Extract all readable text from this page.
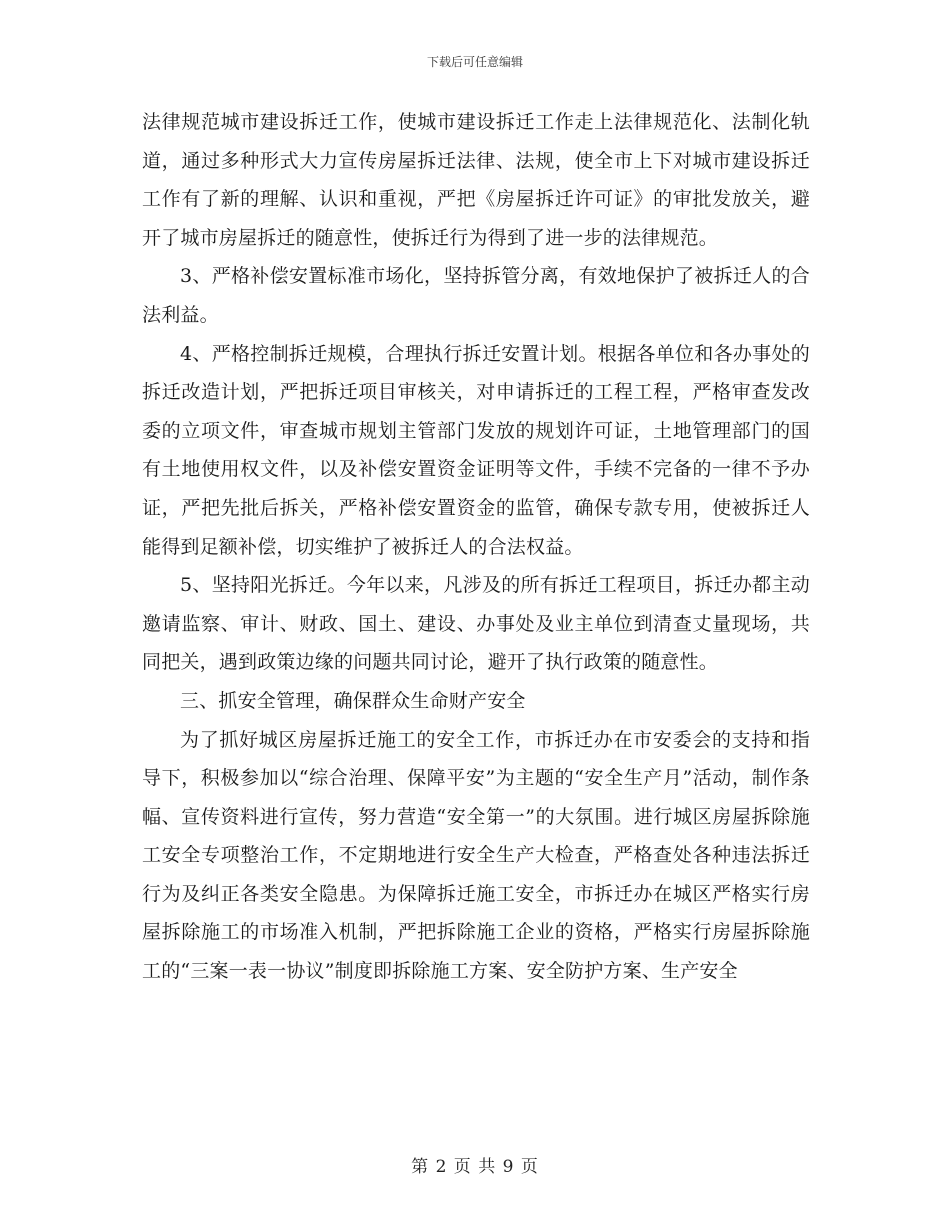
下载后可任意编辑

法律规范城市建设拆迁工作，使城市建设拆迁工作走上法律规范化、法制化轨道，通过多种形式大力宣传房屋拆迁法律、法规，使全市上下对城市建设拆迁工作有了新的理解、认识和重视，严把《房屋拆迁许可证》的审批发放关，避开了城市房屋拆迁的随意性，使拆迁行为得到了进一步的法律规范。

3、严格补偿安置标准市场化，坚持拆管分离，有效地保护了被拆迁人的合法利益。

4、严格控制拆迁规模，合理执行拆迁安置计划。根据各单位和各办事处的拆迁改造计划，严把拆迁项目审核关，对申请拆迁的工程工程，严格审查发改委的立项文件，审查城市规划主管部门发放的规划许可证，土地管理部门的国有土地使用权文件，以及补偿安置资金证明等文件，手续不完备的一律不予办证，严把先批后拆关，严格补偿安置资金的监管，确保专款专用，使被拆迁人能得到足额补偿，切实维护了被拆迁人的合法权益。

5、坚持阳光拆迁。今年以来，凡涉及的所有拆迁工程项目，拆迁办都主动邀请监察、审计、财政、国土、建设、办事处及业主单位到清查丈量现场，共同把关，遇到政策边缘的问题共同讨论，避开了执行政策的随意性。

三、抓安全管理，确保群众生命财产安全

为了抓好城区房屋拆迁施工的安全工作，市拆迁办在市安委会的支持和指导下，积极参加以“综合治理、保障平安”为主题的“安全生产月”活动，制作条幅、宣传资料进行宣传，努力营造“安全第一”的大氛围。进行城区房屋拆除施工安全专项整治工作，不定期地进行安全生产大检查，严格查处各种违法拆迁行为及纠正各类安全隐患。为保障拆迁施工安全，市拆迁办在城区严格实行房屋拆除施工的市场准入机制，严把拆除施工企业的资格，严格实行房屋拆除施工的“三案一表一协议”制度即拆除施工方案、安全防护方案、生产安全

第 2 页 共 9 页
